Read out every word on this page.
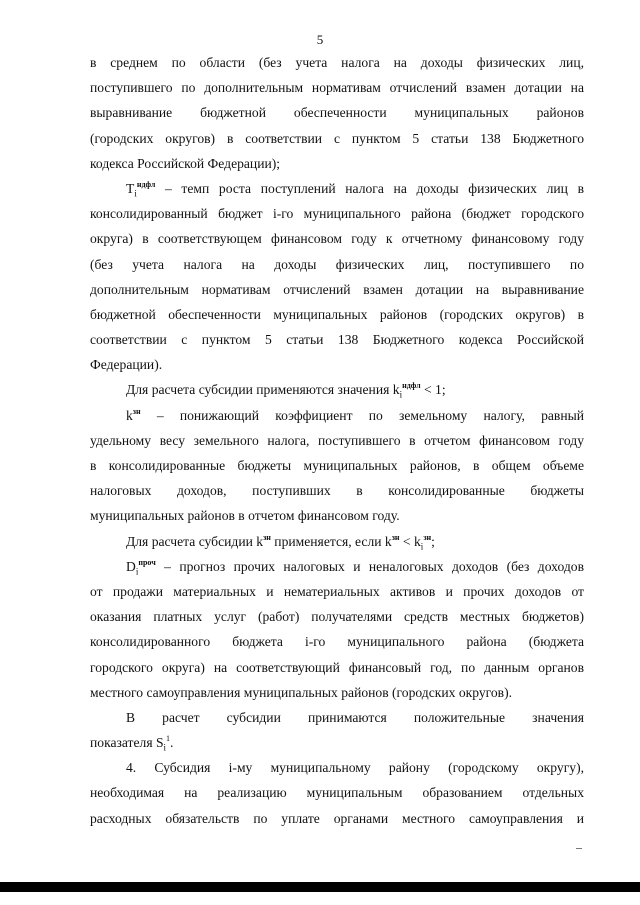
5
в среднем по области (без учета налога на доходы физических лиц,
поступившего по дополнительным нормативам отчислений взамен дотации на
выравнивание бюджетной обеспеченности муниципальных районов
(городских округов) в соответствии с пунктом 5 статьи 138 Бюджетного
кодекса Российской Федерации);
$T_i^{ндфл}$ – темп роста поступлений налога на доходы физических лиц в
консолидированный бюджет i-го муниципального района (бюджет городского
округа) в соответствующем финансовом году к отчетному финансовому году
(без учета налога на доходы физических лиц, поступившего по
дополнительным нормативам отчислений взамен дотации на выравнивание
бюджетной обеспеченности муниципальных районов (городских округов) в
соответствии с пунктом 5 статьи 138 Бюджетного кодекса Российской
Федерации).
Для расчета субсидии применяются значения $k_i^{ндфл} < 1$;
$k^{зн}$ – понижающий коэффициент по земельному налогу, равный
удельному весу земельного налога, поступившего в отчетом финансовом году
в консолидированные бюджеты муниципальных районов, в общем объеме
налоговых доходов, поступивших в консолидированные бюджеты
муниципальных районов в отчетом финансовом году.
Для расчета субсидии $k^{зн}$ применяется, если $k^{зн} < k_i^{зн}$;
$D_i^{проч}$ – прогноз прочих налоговых и неналоговых доходов (без доходов
от продажи материальных и нематериальных активов и прочих доходов от
оказания платных услуг (работ) получателями средств местных бюджетов)
консолидированного бюджета i-го муниципального района (бюджета
городского округа) на соответствующий финансовый год, по данным органов
местного самоуправления муниципальных районов (городских округов).
В расчет субсидии принимаются положительные значения
показателя $S_i^1$.
4. Субсидия i-му муниципальному району (городскому округу),
необходимая на реализацию муниципальным образованием отдельных
расходных обязательств по уплате органами местного самоуправления и
